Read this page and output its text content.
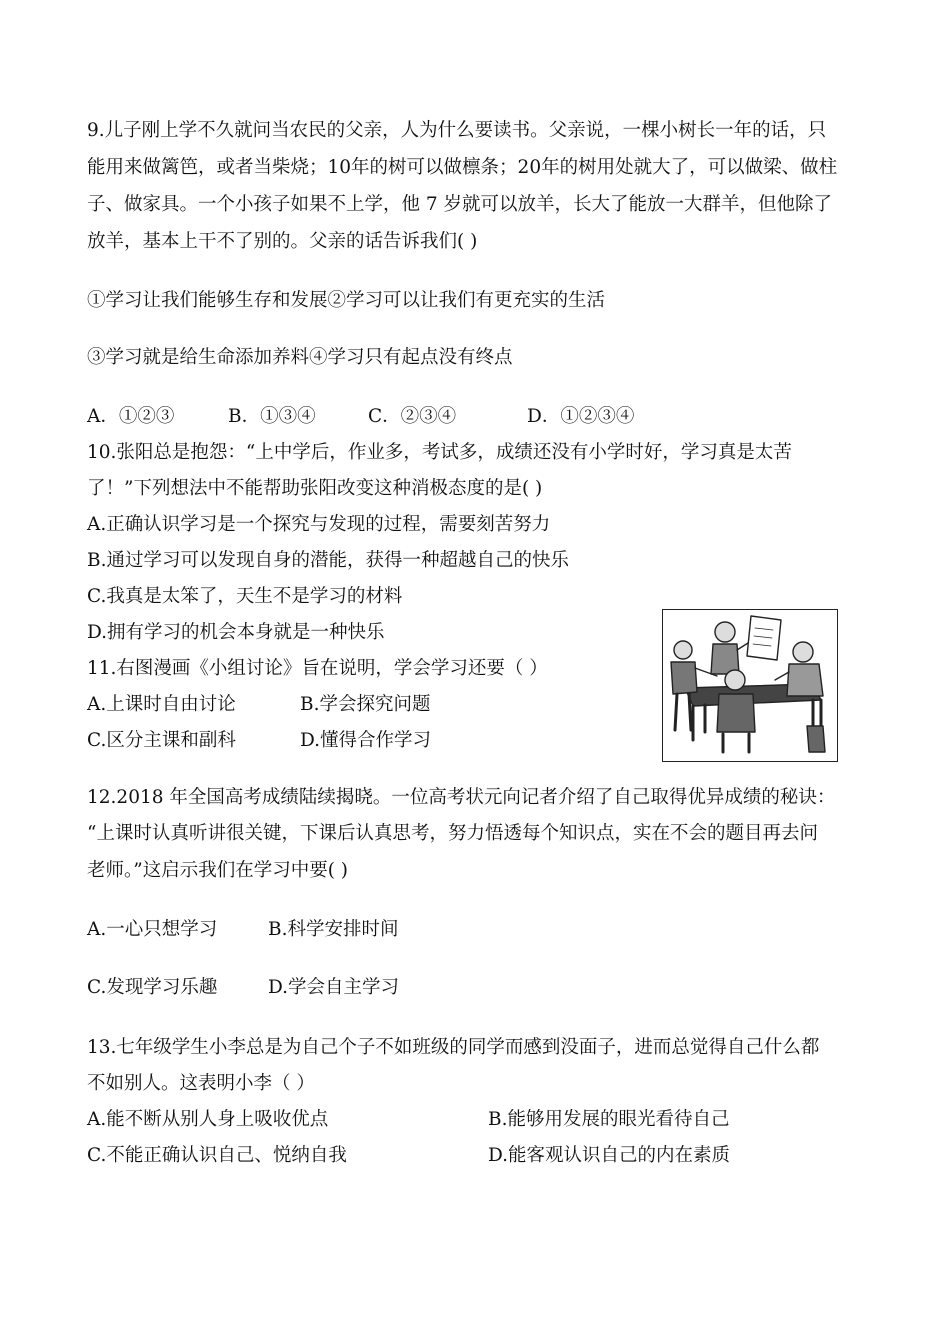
9.儿子刚上学不久就问当农民的父亲，人为什么要读书。父亲说，一棵小树长一年的话，只
能用来做篱笆，或者当柴烧；10年的树可以做檩条；20年的树用处就大了，可以做梁、做柱
子、做家具。一个小孩子如果不上学，他 7 岁就可以放羊，长大了能放一大群羊，但他除了
放羊，基本上干不了别的。父亲的话告诉我们( )
①学习让我们能够生存和发展②学习可以让我们有更充实的生活
③学习就是给生命添加养料④学习只有起点没有终点
A．①②③	B．①③④	C．②③④	D．①②③④
10.张阳总是抱怨：“上中学后，作业多，考试多，成绩还没有小学时好，学习真是太苦
了！”下列想法中不能帮助张阳改变这种消极态度的是( )
A.正确认识学习是一个探究与发现的过程，需要刻苦努力
B.通过学习可以发现自身的潜能，获得一种超越自己的快乐
C.我真是太笨了，天生不是学习的材料
D.拥有学习的机会本身就是一种快乐
11.右图漫画《小组讨论》旨在说明，学会学习还要（ ）
A.上课时自由讨论	B.学会探究问题
C.区分主课和副科	D.懂得合作学习
12.2018 年全国高考成绩陆续揭晓。一位高考状元向记者介绍了自己取得优异成绩的秘诀：
“上课时认真听讲很关键，下课后认真思考，努力悟透每个知识点，实在不会的题目再去问
老师。”这启示我们在学习中要( )
A.一心只想学习	B.科学安排时间
C.发现学习乐趣	D.学会自主学习
13.七年级学生小李总是为自己个子不如班级的同学而感到没面子，进而总觉得自己什么都
不如别人。这表明小李（ ）
A.能不断从别人身上吸收优点	B.能够用发展的眼光看待自己
C.不能正确认识自己、悦纳自我	D.能客观认识自己的内在素质
